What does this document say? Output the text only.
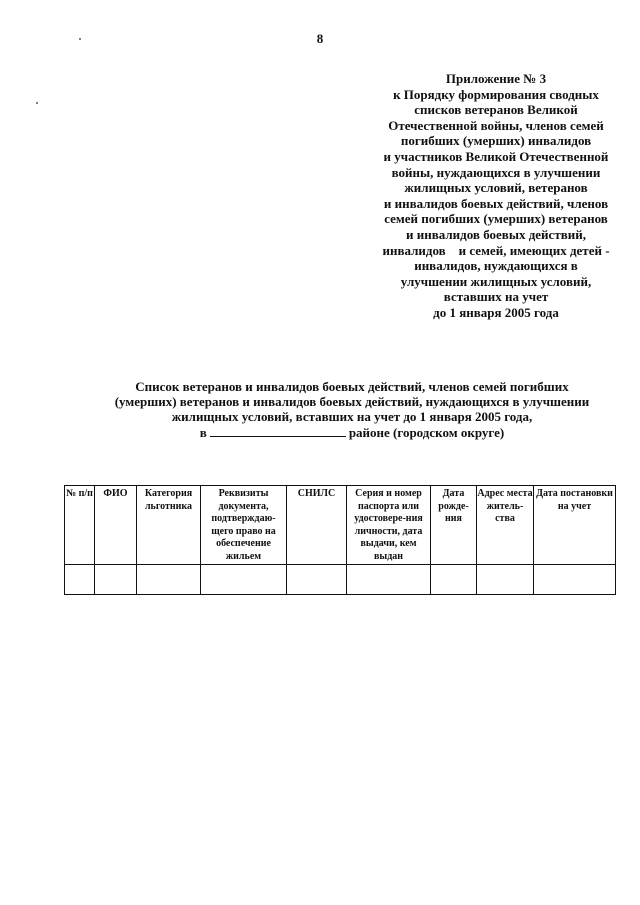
8
Приложение № 3
к Порядку формирования сводных
списков ветеранов Великой
Отечественной войны, членов семей
погибших (умерших) инвалидов
и участников Великой Отечественной
войны, нуждающихся в улучшении
жилищных условий, ветеранов
и инвалидов боевых действий, членов
семей погибших (умерших) ветеранов
и инвалидов боевых действий,
инвалидов    и семей, имеющих детей -
инвалидов, нуждающихся в
улучшении жилищных условий,
вставших на учет
до 1 января 2005 года
Список ветеранов и инвалидов боевых действий, членов семей погибших
(умерших) ветеранов и инвалидов боевых действий, нуждающихся в улучшении
жилищных условий, вставших на учет до 1 января 2005 года,
в	районе (городском округе)
№ п/п	ФИО	Категория льготника	Реквизиты документа, подтверждаю-щего право на обеспечение жильем	СНИЛС	Серия и номер паспорта или удостовере-ния личности, дата выдачи, кем выдан	Дата рожде-ния	Адрес места житель-ства	Дата постановки на учет
